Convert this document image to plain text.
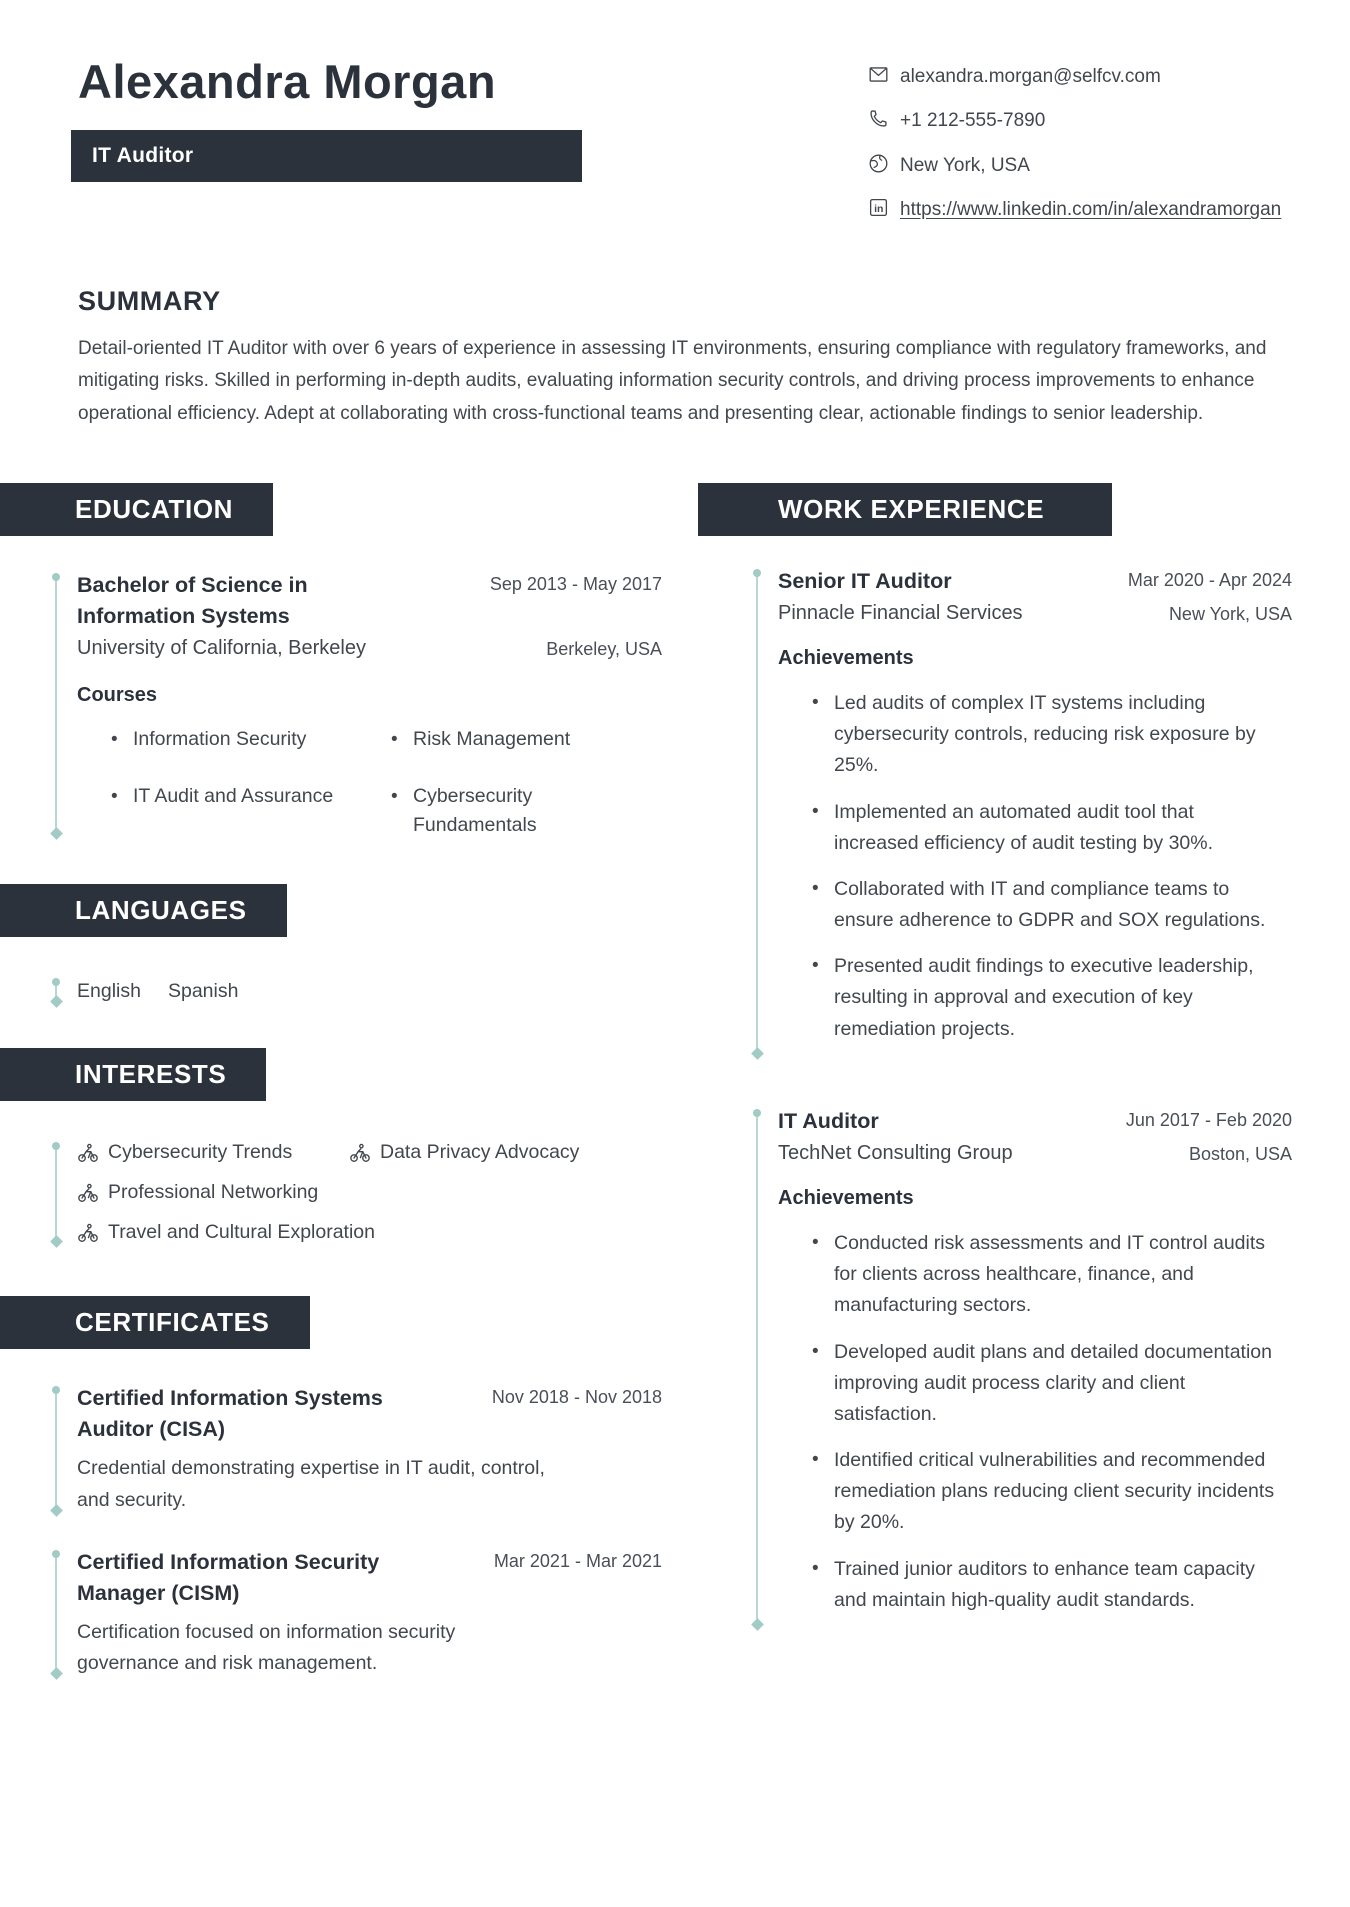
Alexandra Morgan
IT Auditor
alexandra.morgan@selfcv.com
+1 212-555-7890
New York, USA
in https://www.linkedin.com/in/alexandramorgan
SUMMARY

Detail-oriented IT Auditor with over 6 years of experience in assessing IT environments, ensuring compliance with regulatory frameworks, and mitigating risks. Skilled in performing in-depth audits, evaluating information security controls, and driving process improvements to enhance operational efficiency. Adept at collaborating with cross-functional teams and presenting clear, actionable findings to senior leadership.

EDUCATION
Bachelor of Science in Information Systems
Sep 2013 - May 2017
University of California, Berkeley	Berkeley, USA
Courses
• Information Security	• Risk Management
• IT Audit and Assurance	• Cybersecurity Fundamentals
LANGUAGES
English Spanish
INTERESTS
Cybersecurity Trends	Data Privacy Advocacy
Professional Networking
Travel and Cultural Exploration
CERTIFICATES
Certified Information Systems Auditor (CISA)
Nov 2018 - Nov 2018
Credential demonstrating expertise in IT audit, control, and security.
Certified Information Security Manager (CISM)
Mar 2021 - Mar 2021
Certification focused on information security governance and risk management.
WORK EXPERIENCE
Senior IT Auditor	Mar 2020 - Apr 2024
Pinnacle Financial Services	New York, USA
Achievements
• Led audits of complex IT systems including cybersecurity controls, reducing risk exposure by 25%.
• Implemented an automated audit tool that increased efficiency of audit testing by 30%.
• Collaborated with IT and compliance teams to ensure adherence to GDPR and SOX regulations.
• Presented audit findings to executive leadership, resulting in approval and execution of key remediation projects.
IT Auditor	Jun 2017 - Feb 2020
TechNet Consulting Group	Boston, USA
Achievements
• Conducted risk assessments and IT control audits for clients across healthcare, finance, and manufacturing sectors.
• Developed audit plans and detailed documentation improving audit process clarity and client satisfaction.
• Identified critical vulnerabilities and recommended remediation plans reducing client security incidents by 20%.
• Trained junior auditors to enhance team capacity and maintain high-quality audit standards.
